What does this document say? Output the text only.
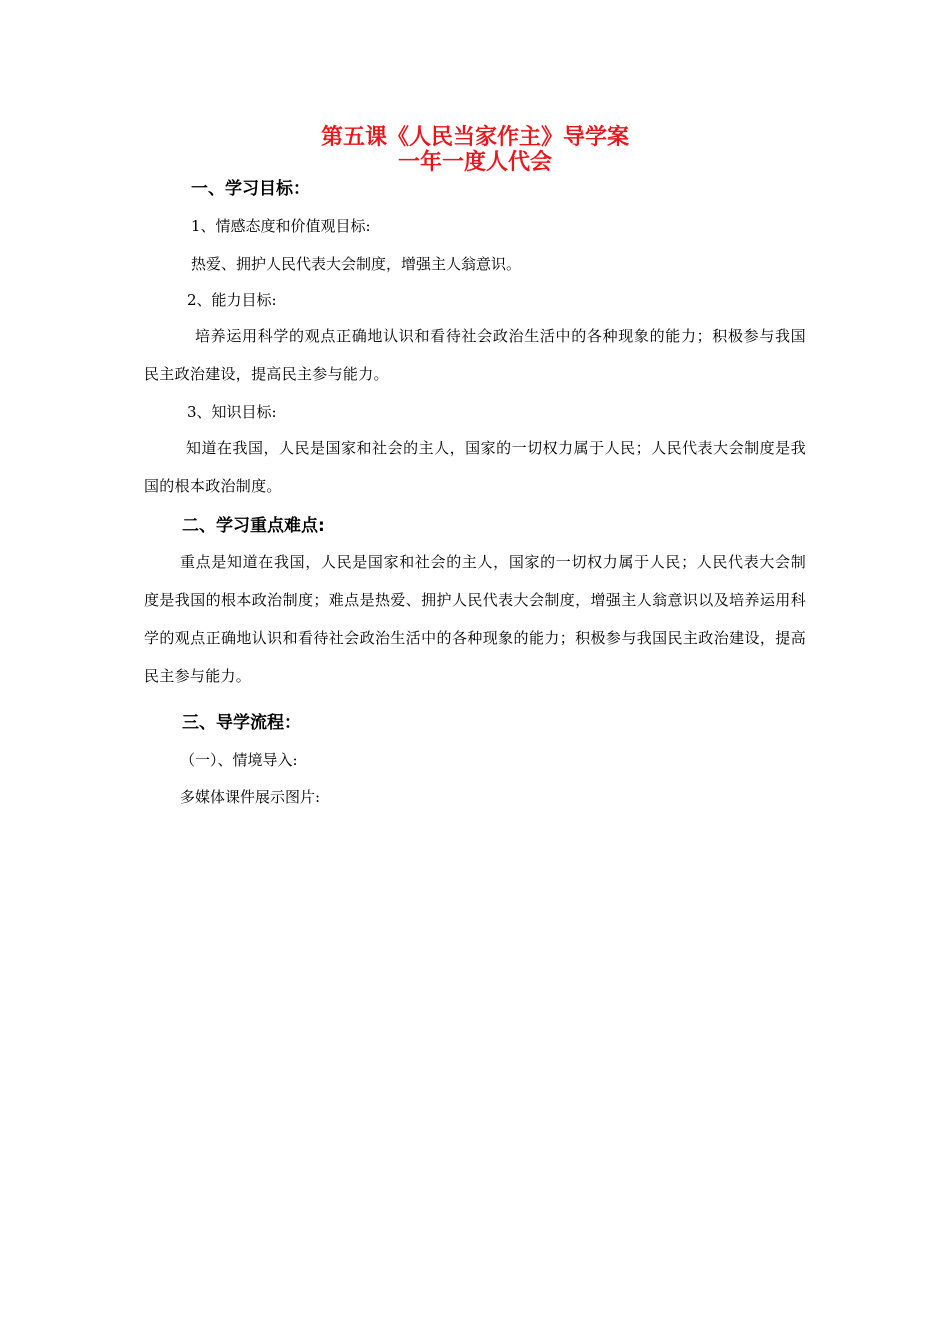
第五课《人民当家作主》导学案
一年一度人代会
一、学习目标：

1、情感态度和价值观目标:

热爱、拥护人民代表大会制度，增强主人翁意识。

2、能力目标:

培养运用科学的观点正确地认识和看待社会政治生活中的各种现象的能力；积极参与我国民主政治建设，提高民主参与能力。

3、知识目标:

知道在我国，人民是国家和社会的主人，国家的一切权力属于人民；人民代表大会制度是我国的根本政治制度。

二、学习重点难点:

重点是知道在我国，人民是国家和社会的主人，国家的一切权力属于人民；人民代表大会制度是我国的根本政治制度；难点是热爱、拥护人民代表大会制度，增强主人翁意识以及培养运用科学的观点正确地认识和看待社会政治生活中的各种现象的能力；积极参与我国民主政治建设，提高民主参与能力。

三、导学流程：

（一）、情境导入:

多媒体课件展示图片:
